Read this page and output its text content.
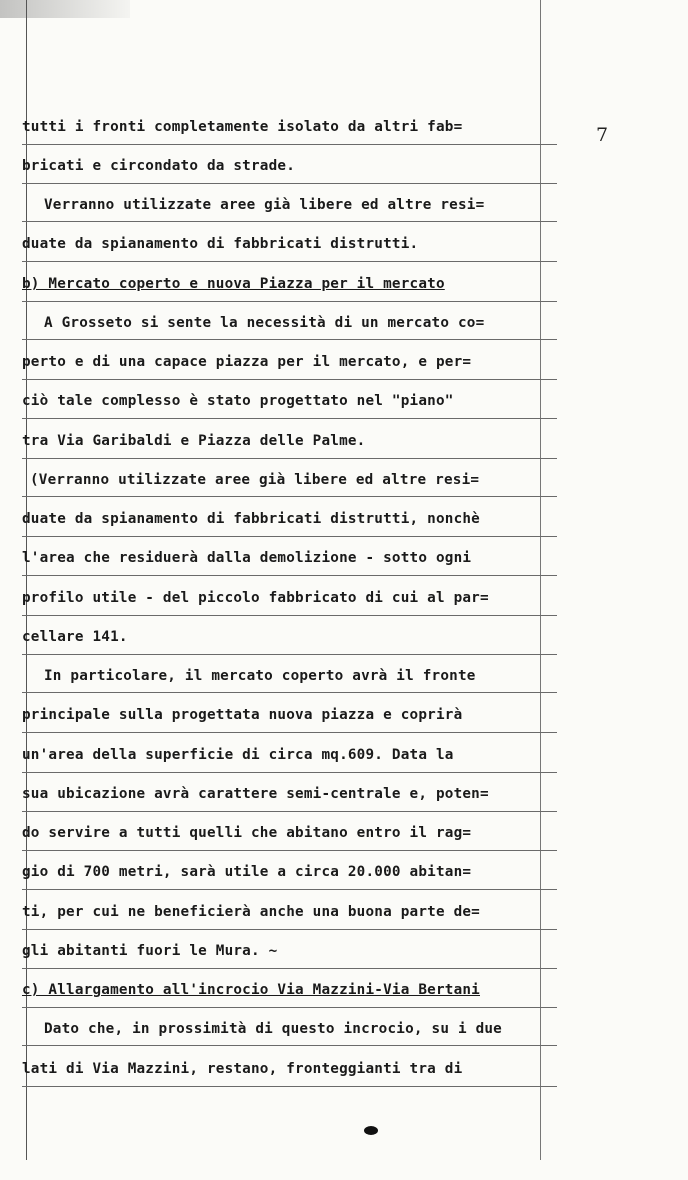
7
tutti i fronti completamente isolato da altri fab=
bricati e circondato da strade.
Verranno utilizzate aree già libere ed altre resi=
duate da spianamento di fabbricati distrutti.
b) Mercato coperto e nuova Piazza per il mercato
A Grosseto si sente la necessità di un mercato co=
perto e di una capace piazza per il mercato, e per=
ciò tale complesso è stato progettato nel "piano"
tra Via Garibaldi e Piazza delle Palme.
(Verranno utilizzate aree già libere ed altre resi=
duate da spianamento di fabbricati distrutti, nonchè
l'area che residuerà dalla demolizione - sotto ogni
profilo utile - del piccolo fabbricato di cui al par=
cellare 141.
In particolare, il mercato coperto avrà il fronte
principale sulla progettata nuova piazza e coprirà
un'area della superficie di circa mq.609. Data la
sua ubicazione avrà carattere semi-centrale e, poten=
do servire a tutti quelli che abitano entro il rag=
gio di 700 metri, sarà utile a circa 20.000 abitan=
ti, per cui ne beneficierà anche una buona parte de=
gli abitanti fuori le Mura. ~
c) Allargamento all'incrocio Via Mazzini-Via Bertani
Dato che, in prossimità di questo incrocio, su i due
lati di Via Mazzini, restano, fronteggianti tra di
